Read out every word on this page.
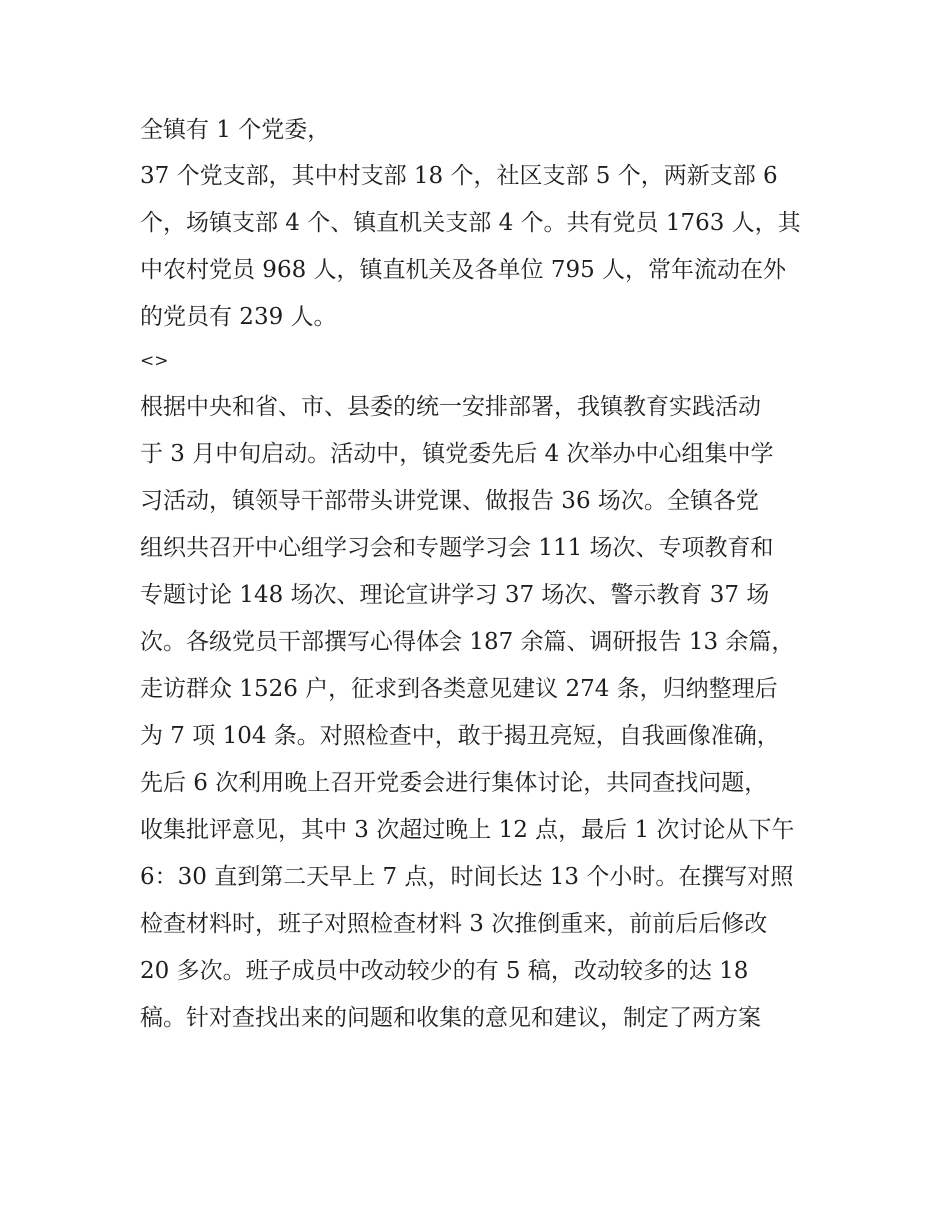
全镇有 1 个党委，
37 个党支部，其中村支部 18 个，社区支部 5 个，两新支部 6
个，场镇支部 4 个、镇直机关支部 4 个。共有党员 1763 人，其
中农村党员 968 人，镇直机关及各单位 795 人，常年流动在外
的党员有 239 人。
<>
根据中央和省、市、县委的统一安排部署，我镇教育实践活动
于 3 月中旬启动。活动中，镇党委先后 4 次举办中心组集中学
习活动，镇领导干部带头讲党课、做报告 36 场次。全镇各党
组织共召开中心组学习会和专题学习会 111 场次、专项教育和
专题讨论 148 场次、理论宣讲学习 37 场次、警示教育 37 场
次。各级党员干部撰写心得体会 187 余篇、调研报告 13 余篇，
走访群众 1526 户，征求到各类意见建议 274 条，归纳整理后
为 7 项 104 条。对照检查中，敢于揭丑亮短，自我画像准确，
先后 6 次利用晚上召开党委会进行集体讨论，共同查找问题，
收集批评意见，其中 3 次超过晚上 12 点，最后 1 次讨论从下午
6：30 直到第二天早上 7 点，时间长达 13 个小时。在撰写对照
检查材料时，班子对照检查材料 3 次推倒重来，前前后后修改
20 多次。班子成员中改动较少的有 5 稿，改动较多的达 18
稿。针对查找出来的问题和收集的意见和建议，制定了两方案
